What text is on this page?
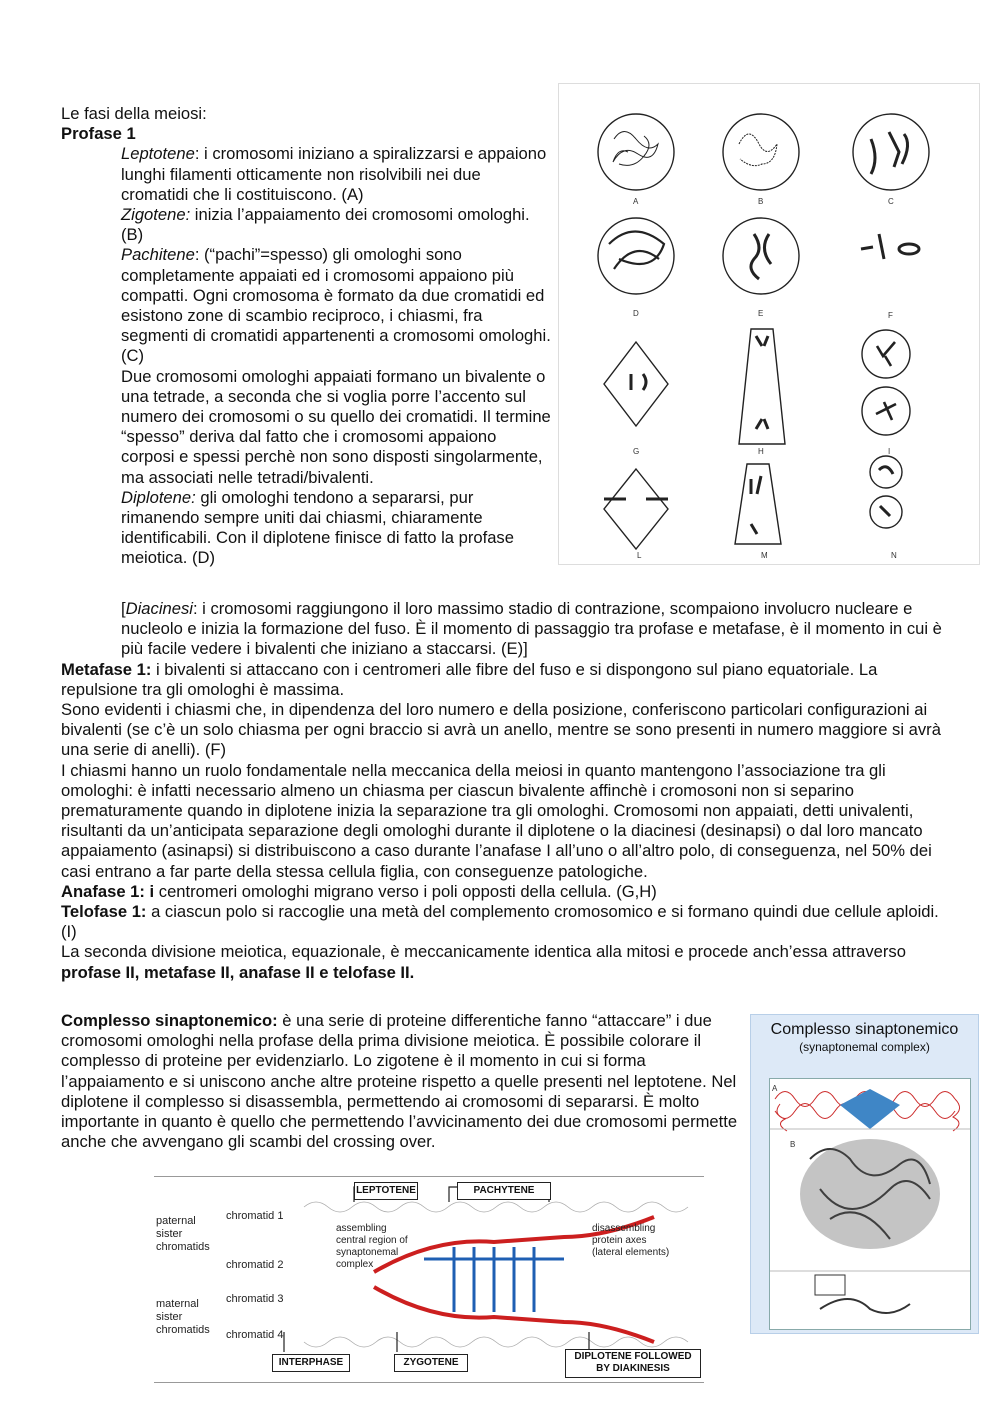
Le fasi della meiosi:

Profase 1

Leptotene: i cromosomi iniziano a spiralizzarsi e appaiono lunghi filamenti otticamente non risolvibili nei due cromatidi che li costituiscono. (A)

Zigotene: inizia l’appaiamento dei cromosomi omologhi. (B)

Pachitene: (“pachi”=spesso) gli omologhi sono completamente appaiati ed i cromosomi appaiono più compatti. Ogni cromosoma è formato da due cromatidi ed esistono zone di scambio reciproco, i chiasmi, fra segmenti di cromatidi appartenenti a cromosomi omologhi. (C)

Due cromosomi omologhi appaiati formano un bivalente o una tetrade, a seconda che si voglia porre l’accento sul numero dei cromosomi o su quello dei cromatidi. Il termine “spesso” deriva dal fatto che i cromosomi appaiono corposi e spessi perchè non sono disposti singolarmente, ma associati nelle tetradi/bivalenti.

Diplotene: gli omologhi tendono a separarsi, pur rimanendo sempre uniti dai chiasmi, chiaramente identificabili. Con il diplotene finisce di fatto la profase meiotica. (D)

[Diacinesi: i cromosomi raggiungono il loro massimo stadio di contrazione, scompaiono involucro nucleare e nucleolo e inizia la formazione del fuso. È il momento di passaggio tra profase e metafase, è il momento in cui è più facile vedere i bivalenti che iniziano a staccarsi. (E)]

Metafase 1: i bivalenti si attaccano con i centromeri alle fibre del fuso e si dispongono sul piano equatoriale. La repulsione tra gli omologhi è massima.

Sono evidenti i chiasmi che, in dipendenza del loro numero e della posizione, conferiscono particolari configurazioni ai bivalenti (se c’è un solo chiasma per ogni braccio si avrà un anello, mentre se sono presenti in numero maggiore si avrà una serie di anelli). (F)

I chiasmi hanno un ruolo fondamentale nella meccanica della meiosi in quanto mantengono l’associazione tra gli omologhi: è infatti necessario almeno un chiasma per ciascun bivalente affinchè i cromosoni non si separino prematuramente quando in diplotene inizia la separazione tra gli omologhi. Cromosomi non appaiati, detti univalenti, risultanti da un’anticipata separazione degli omologhi durante il diplotene o la diacinesi (desinapsi) o dal loro mancato appaiamento (asinapsi) si distribuiscono a caso durante l’anafase I all’uno o all’altro polo, di conseguenza, nel 50% dei casi entrano a far parte della stessa cellula figlia, con conseguenze patologiche.

Anafase 1: i centromeri omologhi migrano verso i poli opposti della cellula. (G,H)

Telofase 1: a ciascun polo si raccoglie una metà del complemento cromosomico e si formano quindi due cellule aploidi. (I)

La seconda divisione meiotica, equazionale, è meccanicamente identica alla mitosi e procede anch’essa attraverso profase II, metafase II, anafase II e telofase II.

Complesso sinaptonemico: è una serie di proteine differentiche fanno “attaccare” i due cromosomi omologhi nella profase della prima divisione meiotica. È possibile colorare il complesso di proteine per evidenziarlo. Lo zigotene è il momento in cui si forma l’appaiamento e si uniscono anche altre proteine rispetto a quelle presenti nel leptotene. Nel diplotene il complesso si disassembla, permettendo ai cromosomi di separarsi. È molto importante in quanto è quello che permettendo l’avvicinamento dei due cromosomi permette anche che avvengano gli scambi del crossing over.

A	B	C
D	E	F
G	H	I
L	M	N
Complesso sinaptonemico
(synaptonemal complex)
A
B
paternal
sister
chromatids
maternal
sister
chromatids
chromatid 1
chromatid 2
chromatid 3
chromatid 4
assembling
central region of
synaptonemal
complex
disassembling
protein axes
(lateral elements)
LEPTOTENE	PACHYTENE
INTERPHASE	ZYGOTENE
DIPLOTENE FOLLOWED
BY DIAKINESIS
